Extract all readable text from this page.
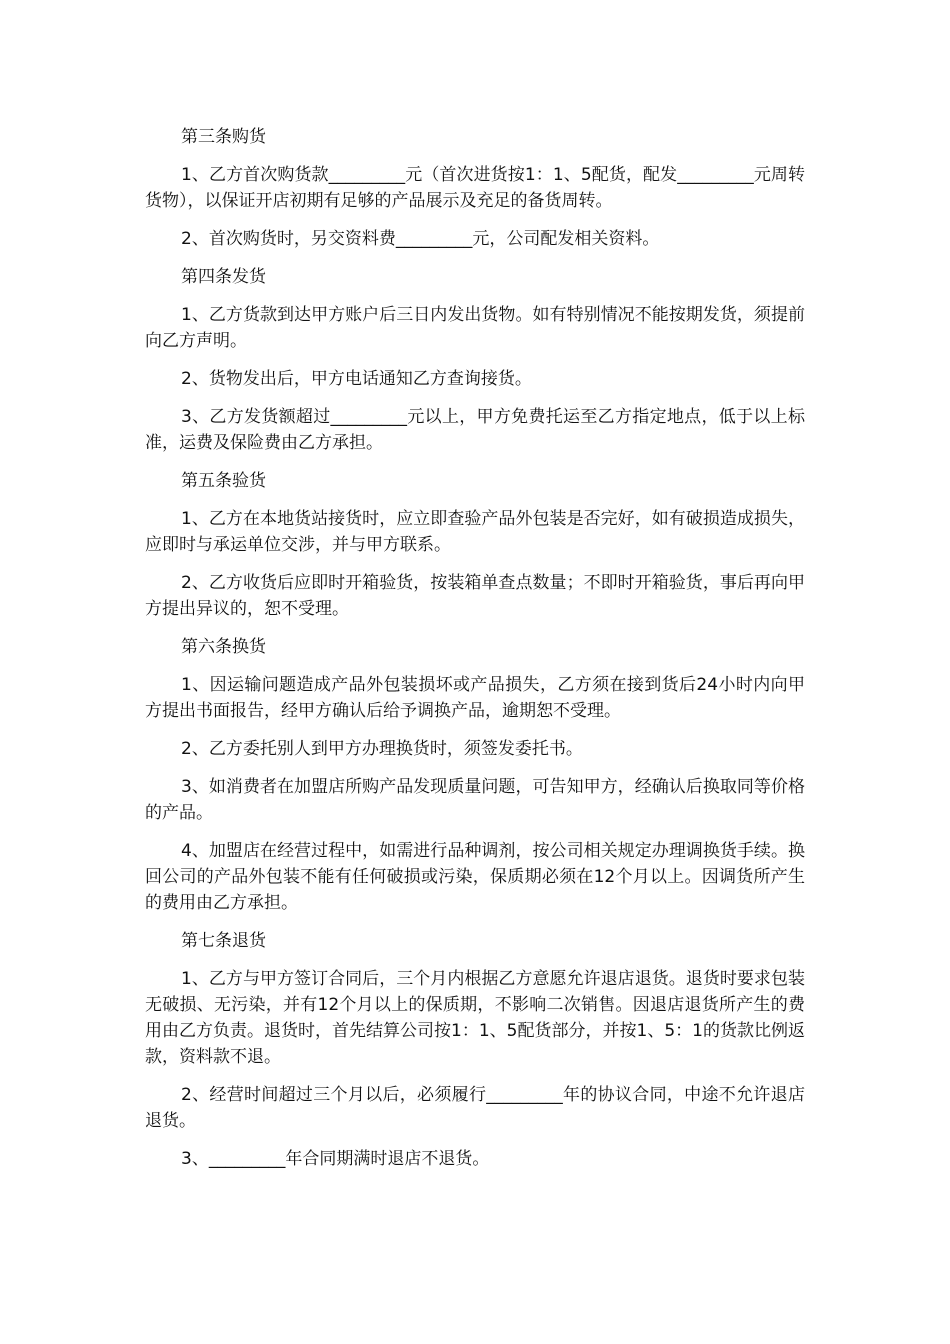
第三条购货
1、乙方首次购货款_________元（首次进货按1：1、5配货，配发_________元周转货物），以保证开店初期有足够的产品展示及充足的备货周转。
2、首次购货时，另交资料费_________元，公司配发相关资料。
第四条发货
1、乙方货款到达甲方账户后三日内发出货物。如有特别情况不能按期发货，须提前向乙方声明。
2、货物发出后，甲方电话通知乙方查询接货。
3、乙方发货额超过_________元以上，甲方免费托运至乙方指定地点，低于以上标准，运费及保险费由乙方承担。
第五条验货
1、乙方在本地货站接货时，应立即查验产品外包装是否完好，如有破损造成损失，应即时与承运单位交涉，并与甲方联系。
2、乙方收货后应即时开箱验货，按装箱单查点数量；不即时开箱验货，事后再向甲方提出异议的，恕不受理。
第六条换货
1、因运输问题造成产品外包装损坏或产品损失，乙方须在接到货后24小时内向甲方提出书面报告，经甲方确认后给予调换产品，逾期恕不受理。
2、乙方委托别人到甲方办理换货时，须签发委托书。
3、如消费者在加盟店所购产品发现质量问题，可告知甲方，经确认后换取同等价格的产品。
4、加盟店在经营过程中，如需进行品种调剂，按公司相关规定办理调换货手续。换回公司的产品外包装不能有任何破损或污染，保质期必须在12个月以上。因调货所产生的费用由乙方承担。
第七条退货
1、乙方与甲方签订合同后，三个月内根据乙方意愿允许退店退货。退货时要求包装无破损、无污染，并有12个月以上的保质期，不影响二次销售。因退店退货所产生的费用由乙方负责。退货时，首先结算公司按1：1、5配货部分，并按1、5：1的货款比例返款，资料款不退。
2、经营时间超过三个月以后，必须履行_________年的协议合同，中途不允许退店退货。
3、_________年合同期满时退店不退货。
